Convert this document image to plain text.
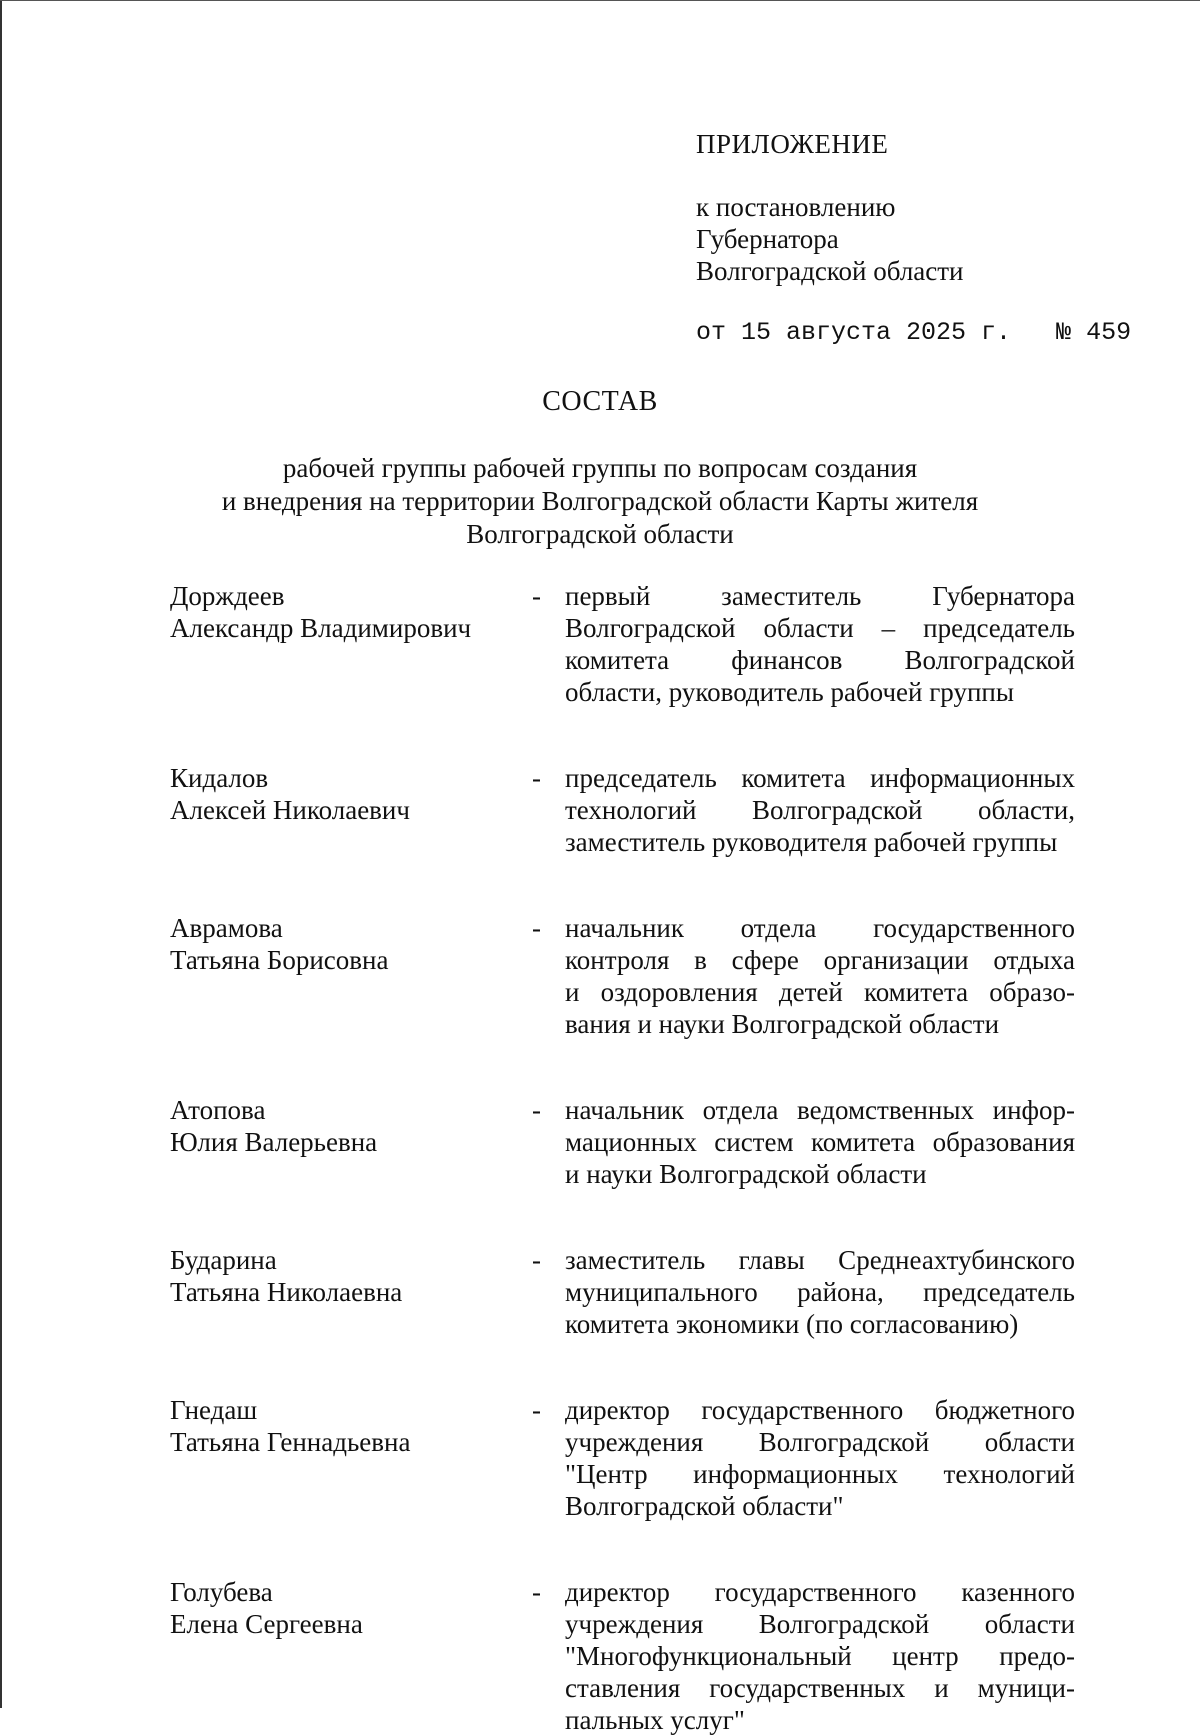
ПРИЛОЖЕНИЕ
к постановлению
Губернатора
Волгоградской области
от 15 августа 2025 г.   № 459
СОСТАВ
рабочей группы рабочей группы по вопросам создания
и внедрения на территории Волгоградской области Карты жителя
Волгоградской области
Дорждеев
Александр Владимирович
- первый заместитель Губернатора
Волгоградской области – председатель
комитета финансов Волгоградской
области, руководитель рабочей группы
Кидалов
Алексей Николаевич
- председатель комитета информационных
технологий Волгоградской области,
заместитель руководителя рабочей группы
Аврамова
Татьяна Борисовна
- начальник отдела государственного
контроля в сфере организации отдыха
и оздоровления детей комитета образо-
вания и науки Волгоградской области
Атопова
Юлия Валерьевна
- начальник отдела ведомственных инфор-
мационных систем комитета образования
и науки Волгоградской области
Бударина
Татьяна Николаевна
- заместитель главы Среднеахтубинского
муниципального района, председатель
комитета экономики (по согласованию)
Гнедаш
Татьяна Геннадьевна
- директор государственного бюджетного
учреждения Волгоградской области
"Центр информационных технологий
Волгоградской области"
Голубева
Елена Сергеевна
- директор государственного казенного
учреждения Волгоградской области
"Многофункциональный центр предо-
ставления государственных и муници-
пальных услуг"
